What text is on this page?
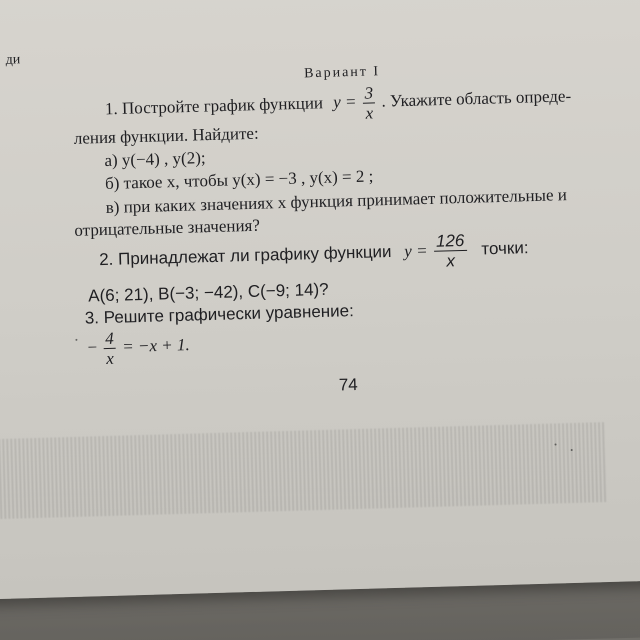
ди
Вариант I
1. Постройте график функции $y = \frac{3}{x}$ . Укажите область опреде-
ления функции. Найдите:
а) y(−4) , y(2);
б) такое x, чтобы y(x) = −3 , y(x) = 2 ;
в) при каких значениях x функция принимает положительные и
отрицательные значения?
2. Принадлежат ли графику функции $y = \frac{126}{x}$ точки:
A(6; 21), B(−3; −42), C(−9; 14)?
3. Решите графически уравнение:
− $\frac{4}{x} = -x + 1$.
74
